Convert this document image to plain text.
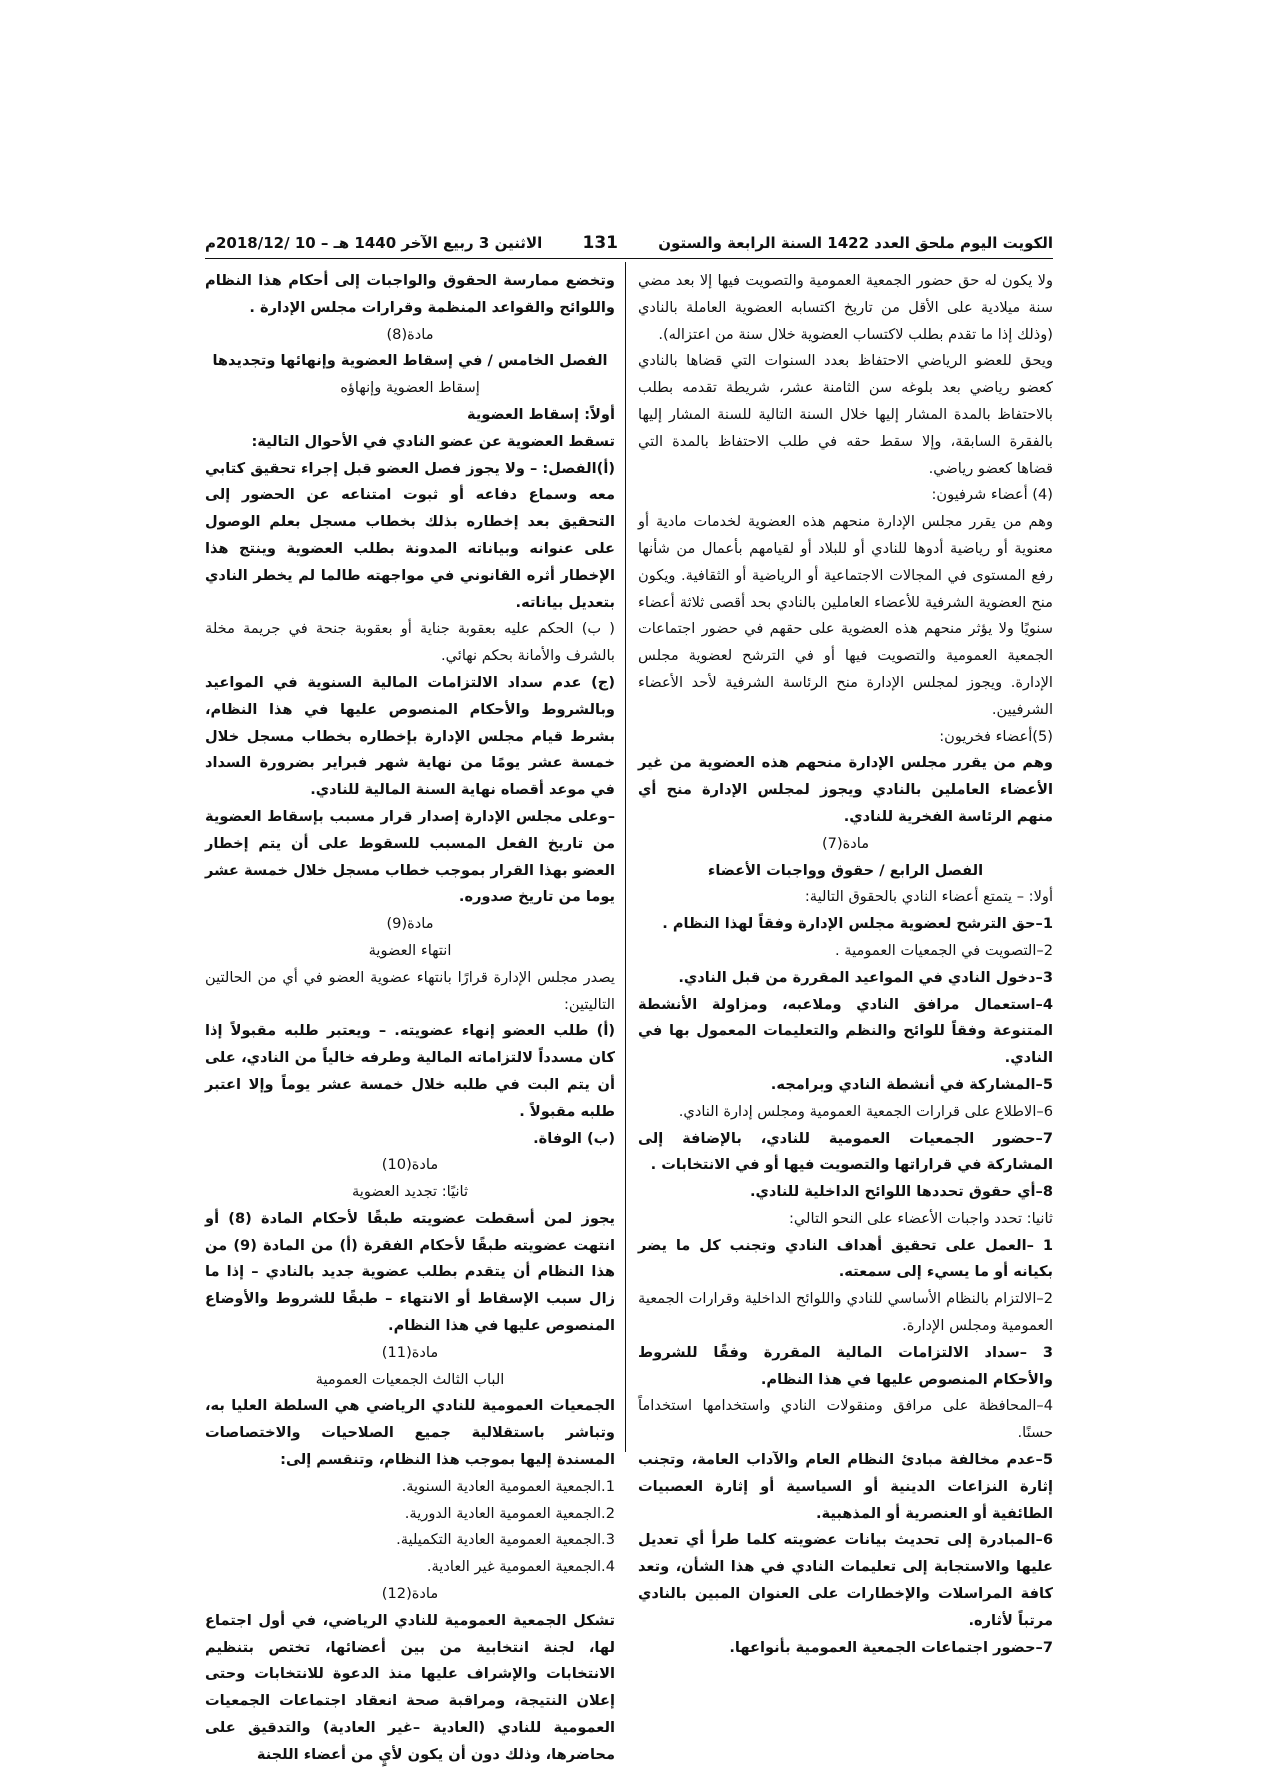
الكويت اليوم ملحق العدد 1422 السنة الرابعة والستون
131
الاثنين 3 ربيع الآخر 1440 هـ – 10 /2018/12م

ولا يكون له حق حضور الجمعية العمومية والتصويت فيها إلا بعد مضي سنة ميلادية على الأقل من تاريخ اكتسابه العضوية العاملة بالنادي (وذلك إذا ما تقدم بطلب لاكتساب العضوية خلال سنة من اعتزاله).

ويحق للعضو الرياضي الاحتفاظ بعدد السنوات التي قضاها بالنادي كعضو رياضي بعد بلوغه سن الثامنة عشر، شريطة تقدمه بطلب بالاحتفاظ بالمدة المشار إليها خلال السنة التالية للسنة المشار إليها بالفقرة السابقة، وإلا سقط حقه في طلب الاحتفاظ بالمدة التي قضاها كعضو رياضي.

(4) أعضاء شرفيون:

وهم من يقرر مجلس الإدارة منحهم هذه العضوية لخدمات مادية أو معنوية أو رياضية أدوها للنادي أو للبلاد أو لقيامهم بأعمال من شأنها رفع المستوى في المجالات الاجتماعية أو الرياضية أو الثقافية. ويكون منح العضوية الشرفية للأعضاء العاملين بالنادي بحد أقصى ثلاثة أعضاء سنويًا ولا يؤثر منحهم هذه العضوية على حقهم في حضور اجتماعات الجمعية العمومية والتصويت فيها أو في الترشح لعضوية مجلس الإدارة. ويجوز لمجلس الإدارة منح الرئاسة الشرفية لأحد الأعضاء الشرفيين.

(5)أعضاء فخريون:

وهم من يقرر مجلس الإدارة منحهم هذه العضوية من غير الأعضاء العاملين بالنادي ويجوز لمجلس الإدارة منح أي منهم الرئاسة الفخرية للنادي.

مادة(7)

الفصل الرابع / حقوق وواجبات الأعضاء

أولا: – يتمتع أعضاء النادي بالحقوق التالية:

1–حق الترشح لعضوية مجلس الإدارة وفقاً لهذا النظام .

2–التصويت في الجمعيات العمومية .

3–دخول النادي في المواعيد المقررة من قبل النادي.

4–استعمال مرافق النادي وملاعبه، ومزاولة الأنشطة المتنوعة وفقاً للوائح والنظم والتعليمات المعمول بها في النادي.

5–المشاركة في أنشطة النادي وبرامجه.

6–الاطلاع على قرارات الجمعية العمومية ومجلس إدارة النادي.

7–حضور الجمعيات العمومية للنادي، بالإضافة إلى المشاركة في قراراتها والتصويت فيها أو في الانتخابات .

8–أي حقوق تحددها اللوائح الداخلية للنادي.

ثانيا: تحدد واجبات الأعضاء على النحو التالي:

1 –العمل على تحقيق أهداف النادي وتجنب كل ما يضر بكيانه أو ما يسيء إلى سمعته.

2–الالتزام بالنظام الأساسي للنادي واللوائح الداخلية وقرارات الجمعية العمومية ومجلس الإدارة.

3 –سداد الالتزامات المالية المقررة وفقًا للشروط والأحكام المنصوص عليها في هذا النظام.

4–المحافظة على مرافق ومنقولات النادي واستخدامها استخداماً حسنًا.

5–عدم مخالفة مبادئ النظام العام والآداب العامة، وتجنب إثارة النزاعات الدينية أو السياسية أو إثارة العصبيات الطائفية أو العنصرية أو المذهبية.

6–المبادرة إلى تحديث بيانات عضويته كلما طرأ أي تعديل عليها والاستجابة إلى تعليمات النادي في هذا الشأن، وتعد كافة المراسلات والإخطارات على العنوان المبين بالنادي مرتباً لأثاره.

7–حضور اجتماعات الجمعية العمومية بأنواعها.

وتخضع ممارسة الحقوق والواجبات إلى أحكام هذا النظام واللوائح والقواعد المنظمة وقرارات مجلس الإدارة .

مادة(8)

الفصل الخامس / في إسقاط العضوية وإنهائها وتجديدها

إسقاط العضوية وإنهاؤه

أولاً: إسقاط العضوية

تسقط العضوية عن عضو النادي في الأحوال التالية:

(أ)الفصل: – ولا يجوز فصل العضو قبل إجراء تحقيق كتابي معه وسماع دفاعه أو ثبوت امتناعه عن الحضور إلى التحقيق بعد إخطاره بذلك بخطاب مسجل بعلم الوصول على عنوانه وبياناته المدونة بطلب العضوية وينتج هذا الإخطار أثره القانوني في مواجهته طالما لم يخطر النادي بتعديل بياناته.

( ب) الحكم عليه بعقوبة جناية أو بعقوبة جنحة في جريمة مخلة بالشرف والأمانة بحكم نهائي.

(ج) عدم سداد الالتزامات المالية السنوية في المواعيد وبالشروط والأحكام المنصوص عليها في هذا النظام، بشرط قيام مجلس الإدارة بإخطاره بخطاب مسجل خلال خمسة عشر يومًا من نهاية شهر فبراير بضرورة السداد في موعد أقصاه نهاية السنة المالية للنادي.

–وعلى مجلس الإدارة إصدار قرار مسبب بإسقاط العضوية من تاريخ الفعل المسبب للسقوط على أن يتم إخطار العضو بهذا القرار بموجب خطاب مسجل خلال خمسة عشر يوما من تاريخ صدوره.

مادة(9)

انتهاء العضوية

يصدر مجلس الإدارة قرارًا بانتهاء عضوية العضو في أي من الحالتين التاليتين:

(أ) طلب العضو إنهاء عضويته. – ويعتبر طلبه مقبولاً إذا كان مسدداً لالتزاماته المالية وطرفه خالياً من النادي، على أن يتم البت في طلبه خلال خمسة عشر يوماً وإلا اعتبر طلبه مقبولاً .

(ب) الوفاة.

مادة(10)

ثانيًا: تجديد العضوية

يجوز لمن أسقطت عضويته طبقًا لأحكام المادة (8) أو انتهت عضويته طبقًا لأحكام الفقرة (أ) من المادة (9) من هذا النظام أن يتقدم بطلب عضوية جديد بالنادي – إذا ما زال سبب الإسقاط أو الانتهاء – طبقًا للشروط والأوضاع المنصوص عليها في هذا النظام.

مادة(11)

الباب الثالث الجمعيات العمومية

الجمعيات العمومية للنادي الرياضي هي السلطة العليا به، وتباشر باستقلالية جميع الصلاحيات والاختصاصات المسندة إليها بموجب هذا النظام، وتنقسم إلى:

1.الجمعية العمومية العادية السنوية.

2.الجمعية العمومية العادية الدورية.

3.الجمعية العمومية العادية التكميلية.

4.الجمعية العمومية غير العادية.

مادة(12)

تشكل الجمعية العمومية للنادي الرياضي، في أول اجتماع لها، لجنة انتخابية من بين أعضائها، تختص بتنظيم الانتخابات والإشراف عليها منذ الدعوة للانتخابات وحتى إعلان النتيجة، ومراقبة صحة انعقاد اجتماعات الجمعيات العمومية للنادي (العادية –غير العادية) والتدقيق على محاضرها، وذلك دون أن يكون لأيٍ من أعضاء اللجنة
